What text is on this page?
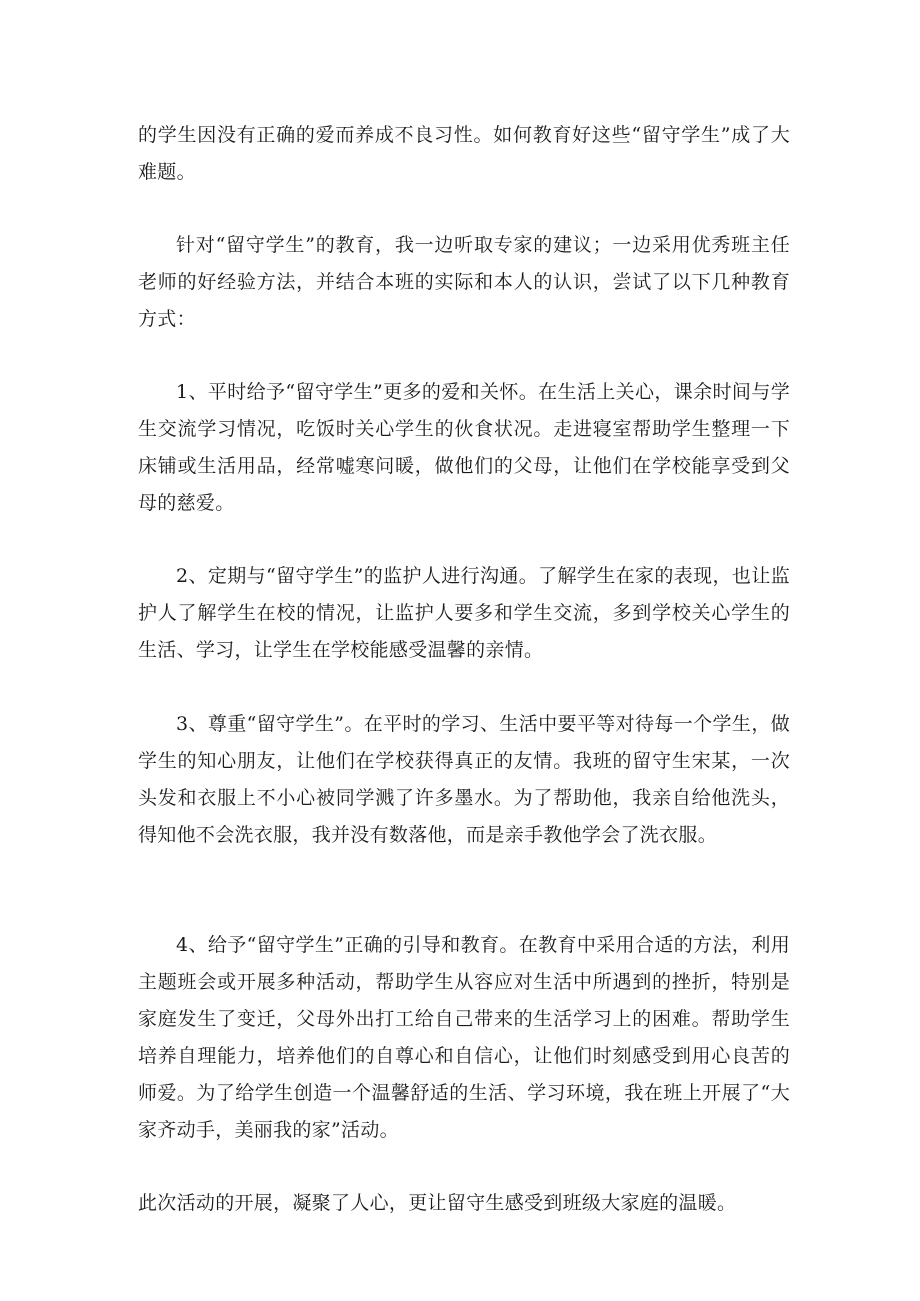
的学生因没有正确的爱而养成不良习性。如何教育好这些“留守学生”成了大难题。

针对“留守学生”的教育，我一边听取专家的建议；一边采用优秀班主任老师的好经验方法，并结合本班的实际和本人的认识，尝试了以下几种教育方式：

1、平时给予“留守学生”更多的爱和关怀。在生活上关心，课余时间与学生交流学习情况，吃饭时关心学生的伙食状况。走进寝室帮助学生整理一下床铺或生活用品，经常嘘寒问暖，做他们的父母，让他们在学校能享受到父母的慈爱。

2、定期与“留守学生”的监护人进行沟通。了解学生在家的表现，也让监护人了解学生在校的情况，让监护人要多和学生交流，多到学校关心学生的生活、学习，让学生在学校能感受温馨的亲情。

3、尊重“留守学生”。在平时的学习、生活中要平等对待每一个学生，做学生的知心朋友，让他们在学校获得真正的友情。我班的留守生宋某，一次头发和衣服上不小心被同学溅了许多墨水。为了帮助他，我亲自给他洗头，得知他不会洗衣服，我并没有数落他，而是亲手教他学会了洗衣服。

4、给予“留守学生”正确的引导和教育。在教育中采用合适的方法，利用主题班会或开展多种活动，帮助学生从容应对生活中所遇到的挫折，特别是家庭发生了变迁，父母外出打工给自己带来的生活学习上的困难。帮助学生培养自理能力，培养他们的自尊心和自信心，让他们时刻感受到用心良苦的师爱。为了给学生创造一个温馨舒适的生活、学习环境，我在班上开展了“大家齐动手，美丽我的家”活动。

此次活动的开展，凝聚了人心，更让留守生感受到班级大家庭的温暖。
